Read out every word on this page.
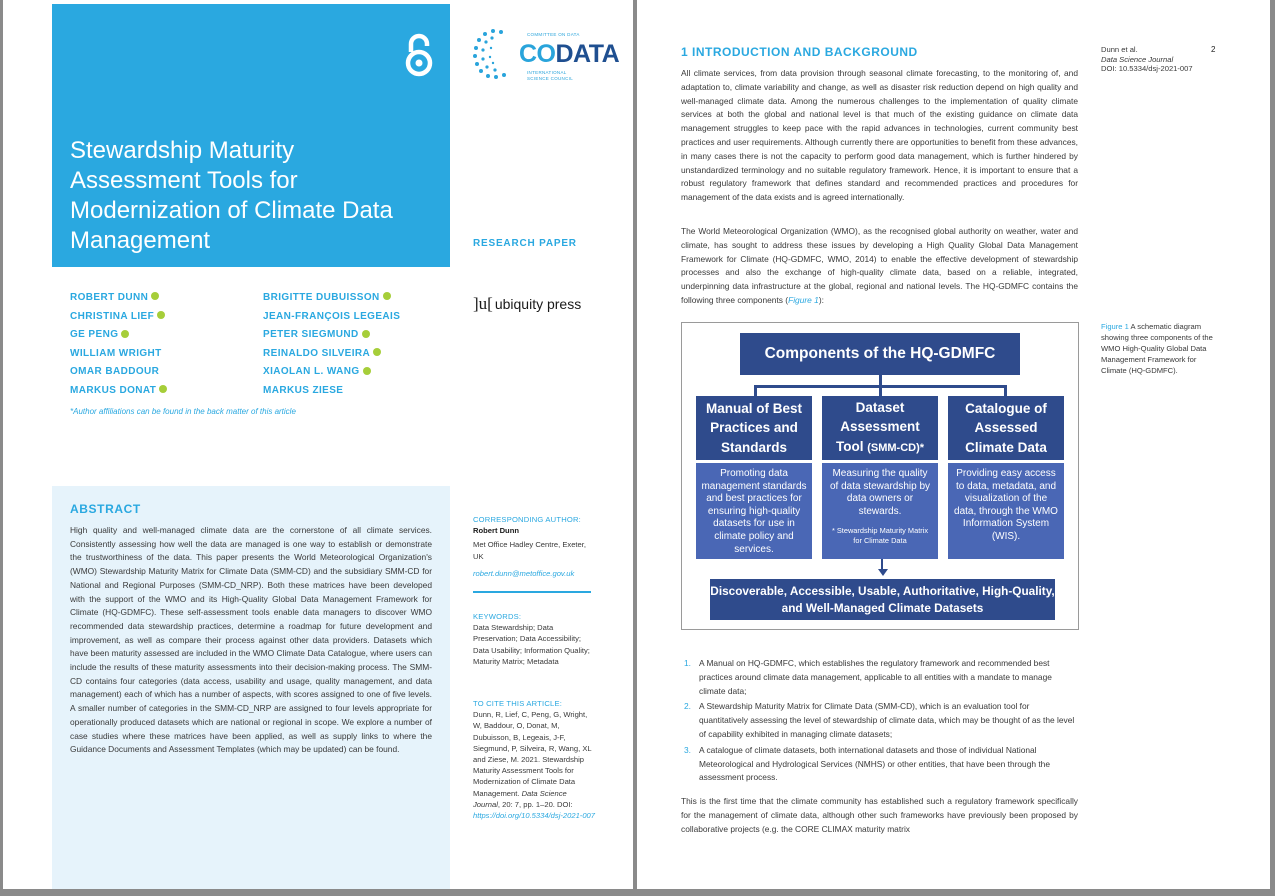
Stewardship Maturity Assessment Tools for Modernization of Climate Data Management
COMMITTEE ON DATA
CODATA
INTERNATIONAL
SCIENCE COUNCIL
RESEARCH PAPER
]u[ ubiquity press
ROBERT DUNN
CHRISTINA LIEF
GE PENG
WILLIAM WRIGHT
OMAR BADDOUR
MARKUS DONAT
BRIGITTE DUBUISSON
JEAN-FRANÇOIS LEGEAIS
PETER SIEGMUND
REINALDO SILVEIRA
XIAOLAN L. WANG
MARKUS ZIESE
*Author affiliations can be found in the back matter of this article
ABSTRACT

High quality and well-managed climate data are the cornerstone of all climate services. Consistently assessing how well the data are managed is one way to establish or demonstrate the trustworthiness of the data. This paper presents the World Meteorological Organization's (WMO) Stewardship Maturity Matrix for Climate Data (SMM-CD) and the subsidiary SMM-CD for National and Regional Purposes (SMM-CD_NRP). Both these matrices have been developed with the support of the WMO and its High-Quality Global Data Management Framework for Climate (HQ-GDMFC). These self-assessment tools enable data managers to discover WMO recommended data stewardship practices, determine a roadmap for future development and improvement, as well as compare their process against other data providers. Datasets which have been maturity assessed are included in the WMO Climate Data Catalogue, where users can include the results of these maturity assessments into their decision-making process. The SMM-CD contains four categories (data access, usability and usage, quality management, and data management) each of which has a number of aspects, with scores assigned to one of five levels. A smaller number of categories in the SMM-CD_NRP are assigned to four levels appropriate for operationally produced datasets which are national or regional in scope. We explore a number of case studies where these matrices have been applied, as well as supply links to where the Guidance Documents and Assessment Templates (which may be updated) can be found.

CORRESPONDING AUTHOR:
Robert Dunn
Met Office Hadley Centre, Exeter, UK
robert.dunn@metoffice.gov.uk
KEYWORDS:
Data Stewardship; Data Preservation; Data Accessibility; Data Usability; Information Quality; Maturity Matrix; Metadata
TO CITE THIS ARTICLE:
Dunn, R, Lief, C, Peng, G, Wright, W, Baddour, O, Donat, M, Dubuisson, B, Legeais, J-F, Siegmund, P, Silveira, R, Wang, XL and Ziese, M. 2021. Stewardship Maturity Assessment Tools for Modernization of Climate Data Management. Data Science Journal, 20: 7, pp. 1–20. DOI: https://doi.org/10.5334/dsj-2021-007
1 INTRODUCTION AND BACKGROUND	Dunn et al.
Data Science Journal
DOI: 10.5334/dsj-2021-007
2

All climate services, from data provision through seasonal climate forecasting, to the monitoring of, and adaptation to, climate variability and change, as well as disaster risk reduction depend on high quality and well-managed climate data. Among the numerous challenges to the implementation of quality climate services at both the global and national level is that much of the existing guidance on climate data management struggles to keep pace with the rapid advances in technologies, current community best practices and user requirements. Although currently there are opportunities to benefit from these advances, in many cases there is not the capacity to perform good data management, which is further hindered by unstandardized terminology and no suitable regulatory framework. Hence, it is important to ensure that a robust regulatory framework that defines standard and recommended practices and procedures for management of the data exists and is agreed internationally.

The World Meteorological Organization (WMO), as the recognised global authority on weather, water and climate, has sought to address these issues by developing a High Quality Global Data Management Framework for Climate (HQ-GDMFC, WMO, 2014) to enable the effective development of stewardship processes and also the exchange of high-quality climate data, based on a reliable, integrated, underpinning data infrastructure at the global, regional and national levels. The HQ-GDMFC contains the following three components (Figure 1):

Components of the HQ-GDMFC
Manual of Best Practices and Standards
Dataset Assessment Tool (SMM-CD)*
Catalogue of Assessed Climate Data
Promoting data management standards and best practices for ensuring high-quality datasets for use in climate policy and services.
Measuring the quality of data stewardship by data owners or stewards.
* Stewardship Maturity Matrix for Climate Data
Providing easy access to data, metadata, and visualization of the data, through the WMO Information System (WIS).
Discoverable, Accessible, Usable, Authoritative, High-Quality, and Well-Managed Climate Datasets
Figure 1 A schematic diagram showing three components of the WMO High-Quality Global Data Management Framework for Climate (HQ-GDMFC).
1. A Manual on HQ-GDMFC, which establishes the regulatory framework and recommended best practices around climate data management, applicable to all entities with a mandate to manage climate data;
2. A Stewardship Maturity Matrix for Climate Data (SMM-CD), which is an evaluation tool for quantitatively assessing the level of stewardship of climate data, which may be thought of as the level of capability exhibited in managing climate datasets;
3. A catalogue of climate datasets, both international datasets and those of individual National Meteorological and Hydrological Services (NMHS) or other entities, that have been through the assessment process.

This is the first time that the climate community has established such a regulatory framework specifically for the management of climate data, although other such frameworks have previously been proposed by collaborative projects (e.g. the CORE CLIMAX maturity matrix
